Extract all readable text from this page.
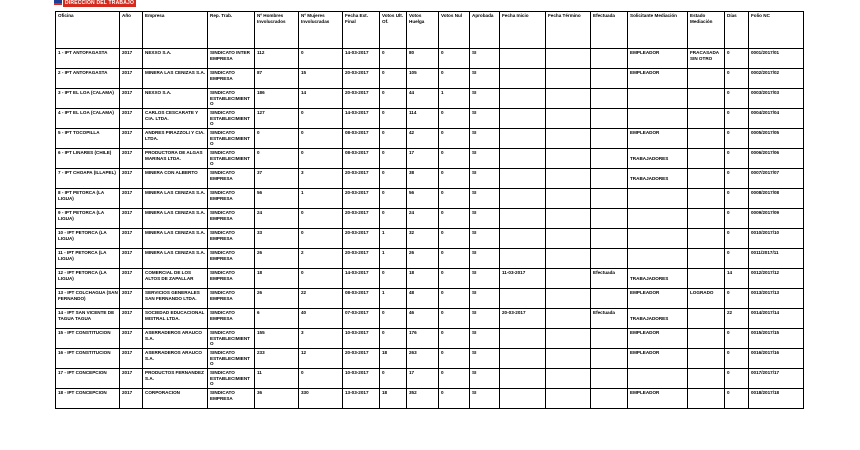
DIRECCIÓN DEL TRABAJO
Oficina	Año	Empresa	Rep. Trab.	Nº Hombres Involucrados	Nº Mujeres Involucradas	Fecha Ext. Final	Votos Ult. Of.	Votos Huelga	Votos Nul	Aprobada	Fecha Inicio	Fecha Término	Efectuada	Solicitante Mediación	Estado Mediación	Días	Folio NC
1 - IPT ANTOFAGASTA	2017	NEXXO S.A.	SINDICATO INTER EMPRESA	112	0	14-03-2017	0	80	0	SI				EMPLEADOR	FRACASADA SIN OTRO	0	0001/2017/01
2 - IPT ANTOFAGASTA	2017	MINERA LAS CENIZAS S.A.	SINDICATO EMPRESA	87	15	20-03-2017	0	105	0	SI				EMPLEADOR		0	0002/2017/02
3 - IPT EL LOA (CALAMA)	2017	NEXXO S.A.	SINDICATO ESTABLECIMIENTO	186	14	20-03-2017	0	44	1	SI						0	0003/2017/03
4 - IPT EL LOA (CALAMA)	2017	CARLOS CESCARATE Y CIA. LTDA.	SINDICATO ESTABLECIMIENTO	127	0	14-03-2017	0	114	0	SI						0	0004/2017/04
5 - IPT TOCOPILLA	2017	ANDRES PIRAZZOLI Y CIA. LTDA.	SINDICATO ESTABLECIMIENTO	0	0	08-03-2017	0	42	0	SI				EMPLEADOR		0	0005/2017/05
6 - IPT LINARES (CHILE)	2017	PRODUCTORA DE ALGAS MARINAS LTDA.	SINDICATO ESTABLECIMIENTO	0	0	08-03-2017	0	17	0	SI				TRABAJADORES		0	0006/2017/06
7 - IPT CHOAPA (ILLAPEL)	2017	MINERA CON ALBERTO	SINDICATO EMPRESA	37	3	20-03-2017	0	38	0	SI				TRABAJADORES		0	0007/2017/07
8 - IPT PETORCA (LA LIGUA)	2017	MINERA LAS CENIZAS S.A.	SINDICATO EMPRESA	56	1	20-03-2017	0	56	0	SI						0	0008/2017/08
9 - IPT PETORCA (LA LIGUA)	2017	MINERA LAS CENIZAS S.A.	SINDICATO EMPRESA	24	0	20-03-2017	0	24	0	SI						0	0009/2017/09
10 - IPT PETORCA (LA LIGUA)	2017	MINERA LAS CENIZAS S.A.	SINDICATO EMPRESA	33	0	20-03-2017	1	32	0	SI						0	0010/2017/10
11 - IPT PETORCA (LA LIGUA)	2017	MINERA LAS CENIZAS S.A.	SINDICATO EMPRESA	26	2	20-03-2017	1	26	0	SI						0	0011/2017/11
12 - IPT PETORCA (LA LIGUA)	2017	COMERCIAL DE LOS ALTOS DE ZAPALLAR	SINDICATO EMPRESA	18	0	14-03-2017	0	18	0	SI	11-03-2017		Efectuada	TRABAJADORES		14	0012/2017/12
13 - IPT COLCHAGUA (SAN FERNANDO)	2017	SERVICIOS GENERALES SAN FERNANDO LTDA.	SINDICATO EMPRESA	26	22	08-03-2017	1	48	0	SI				EMPLEADOR	LOGRADO	0	0013/2017/13
14 - IPT SAN VICENTE DE TAGUA TAGUA	2017	SOCIEDAD EDUCACIONAL MISTRAL LTDA.	SINDICATO EMPRESA	6	40	07-03-2017	0	46	0	SI	20-03-2017		Efectuada	TRABAJADORES		22	0014/2017/14
15 - IPT CONSTITUCION	2017	ASERRADEROS ARAUCO S.A.	SINDICATO ESTABLECIMIENTO	155	3	10-03-2017	0	176	0	SI				EMPLEADOR		0	0015/2017/15
16 - IPT CONSTITUCION	2017	ASERRADEROS ARAUCO S.A.	SINDICATO ESTABLECIMIENTO	233	12	20-03-2017	18	263	0	SI				EMPLEADOR		0	0016/2017/16
17 - IPT CONCEPCION	2017	PRODUCTOS FERNANDEZ S.A.	SINDICATO ESTABLECIMIENTO	11	0	10-03-2017	0	17	0	SI						0	0017/2017/17
18 - IPT CONCEPCION	2017	CORPORACION	SINDICATO EMPRESA	36	330	13-03-2017	18	352	0	SI				EMPLEADOR		0	0018/2017/18
